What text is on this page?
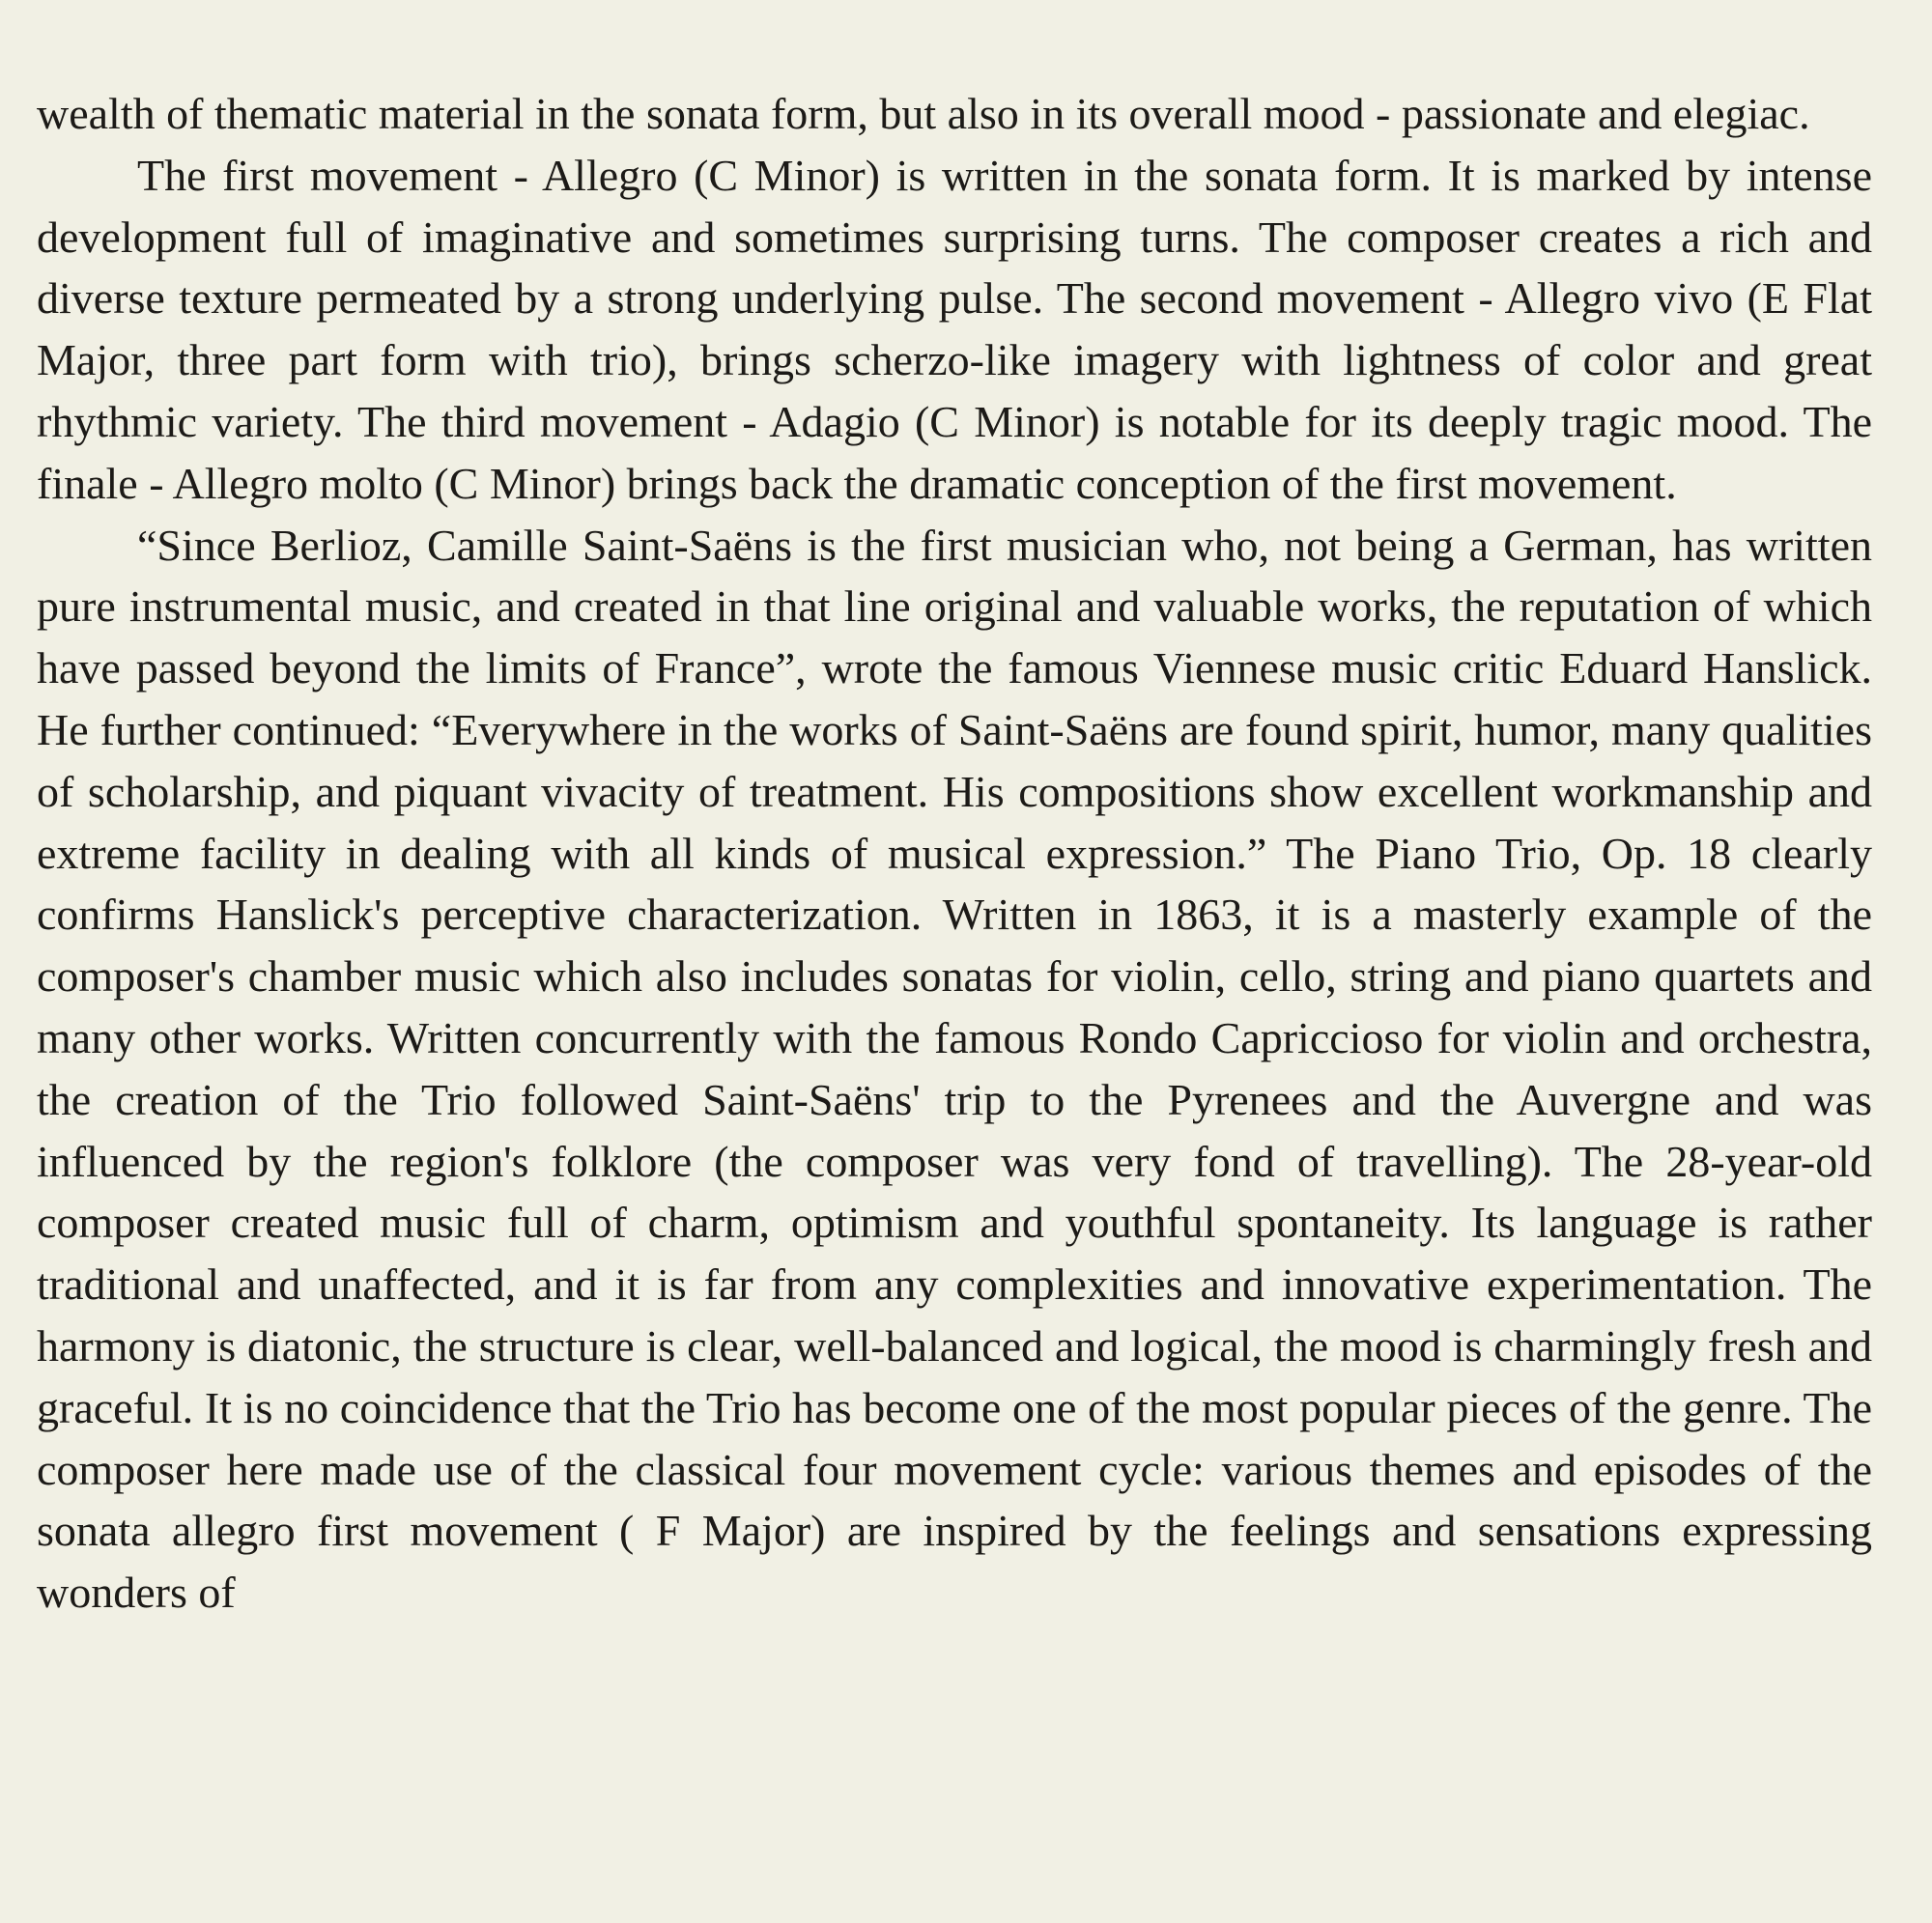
wealth of thematic material in the sonata form, but also in its overall mood - passionate and elegiac.

The first movement - Allegro (C Minor) is written in the sonata form. It is marked by intense development full of imaginative and sometimes surprising turns. The composer creates a rich and diverse texture permeated by a strong underlying pulse. The second movement - Allegro vivo (E Flat Major, three part form with trio), brings scherzo-like imagery with lightness of color and great rhythmic variety. The third movement - Adagio (C Minor) is notable for its deeply tragic mood. The finale - Allegro molto (C Minor) brings back the dramatic conception of the first movement.

“Since Berlioz, Camille Saint-Saëns is the first musician who, not being a German, has written pure instrumental music, and created in that line original and valuable works, the reputation of which have passed beyond the limits of France”, wrote the famous Viennese music critic Eduard Hanslick. He further continued: “Everywhere in the works of Saint-Saëns are found spirit, humor, many qualities of scholarship, and piquant vivacity of treatment. His compositions show excellent workmanship and extreme facility in dealing with all kinds of musical expression.” The Piano Trio, Op. 18 clearly confirms Hanslick's perceptive characterization. Written in 1863, it is a masterly example of the composer's chamber music which also includes sonatas for violin, cello, string and piano quartets and many other works. Written concurrently with the famous Rondo Capriccioso for violin and orchestra, the creation of the Trio followed Saint-Saëns' trip to the Pyrenees and the Auvergne and was influenced by the region's folklore (the composer was very fond of travelling). The 28-year-old composer created music full of charm, optimism and youthful spontaneity. Its language is rather traditional and unaffected, and it is far from any complexities and innovative experimentation. The harmony is diatonic, the structure is clear, well-balanced and logical, the mood is charmingly fresh and graceful. It is no coincidence that the Trio has become one of the most popular pieces of the genre. The composer here made use of the classical four movement cycle: various themes and episodes of the sonata allegro first movement ( F Major) are inspired by the feelings and sensations expressing wonders of
